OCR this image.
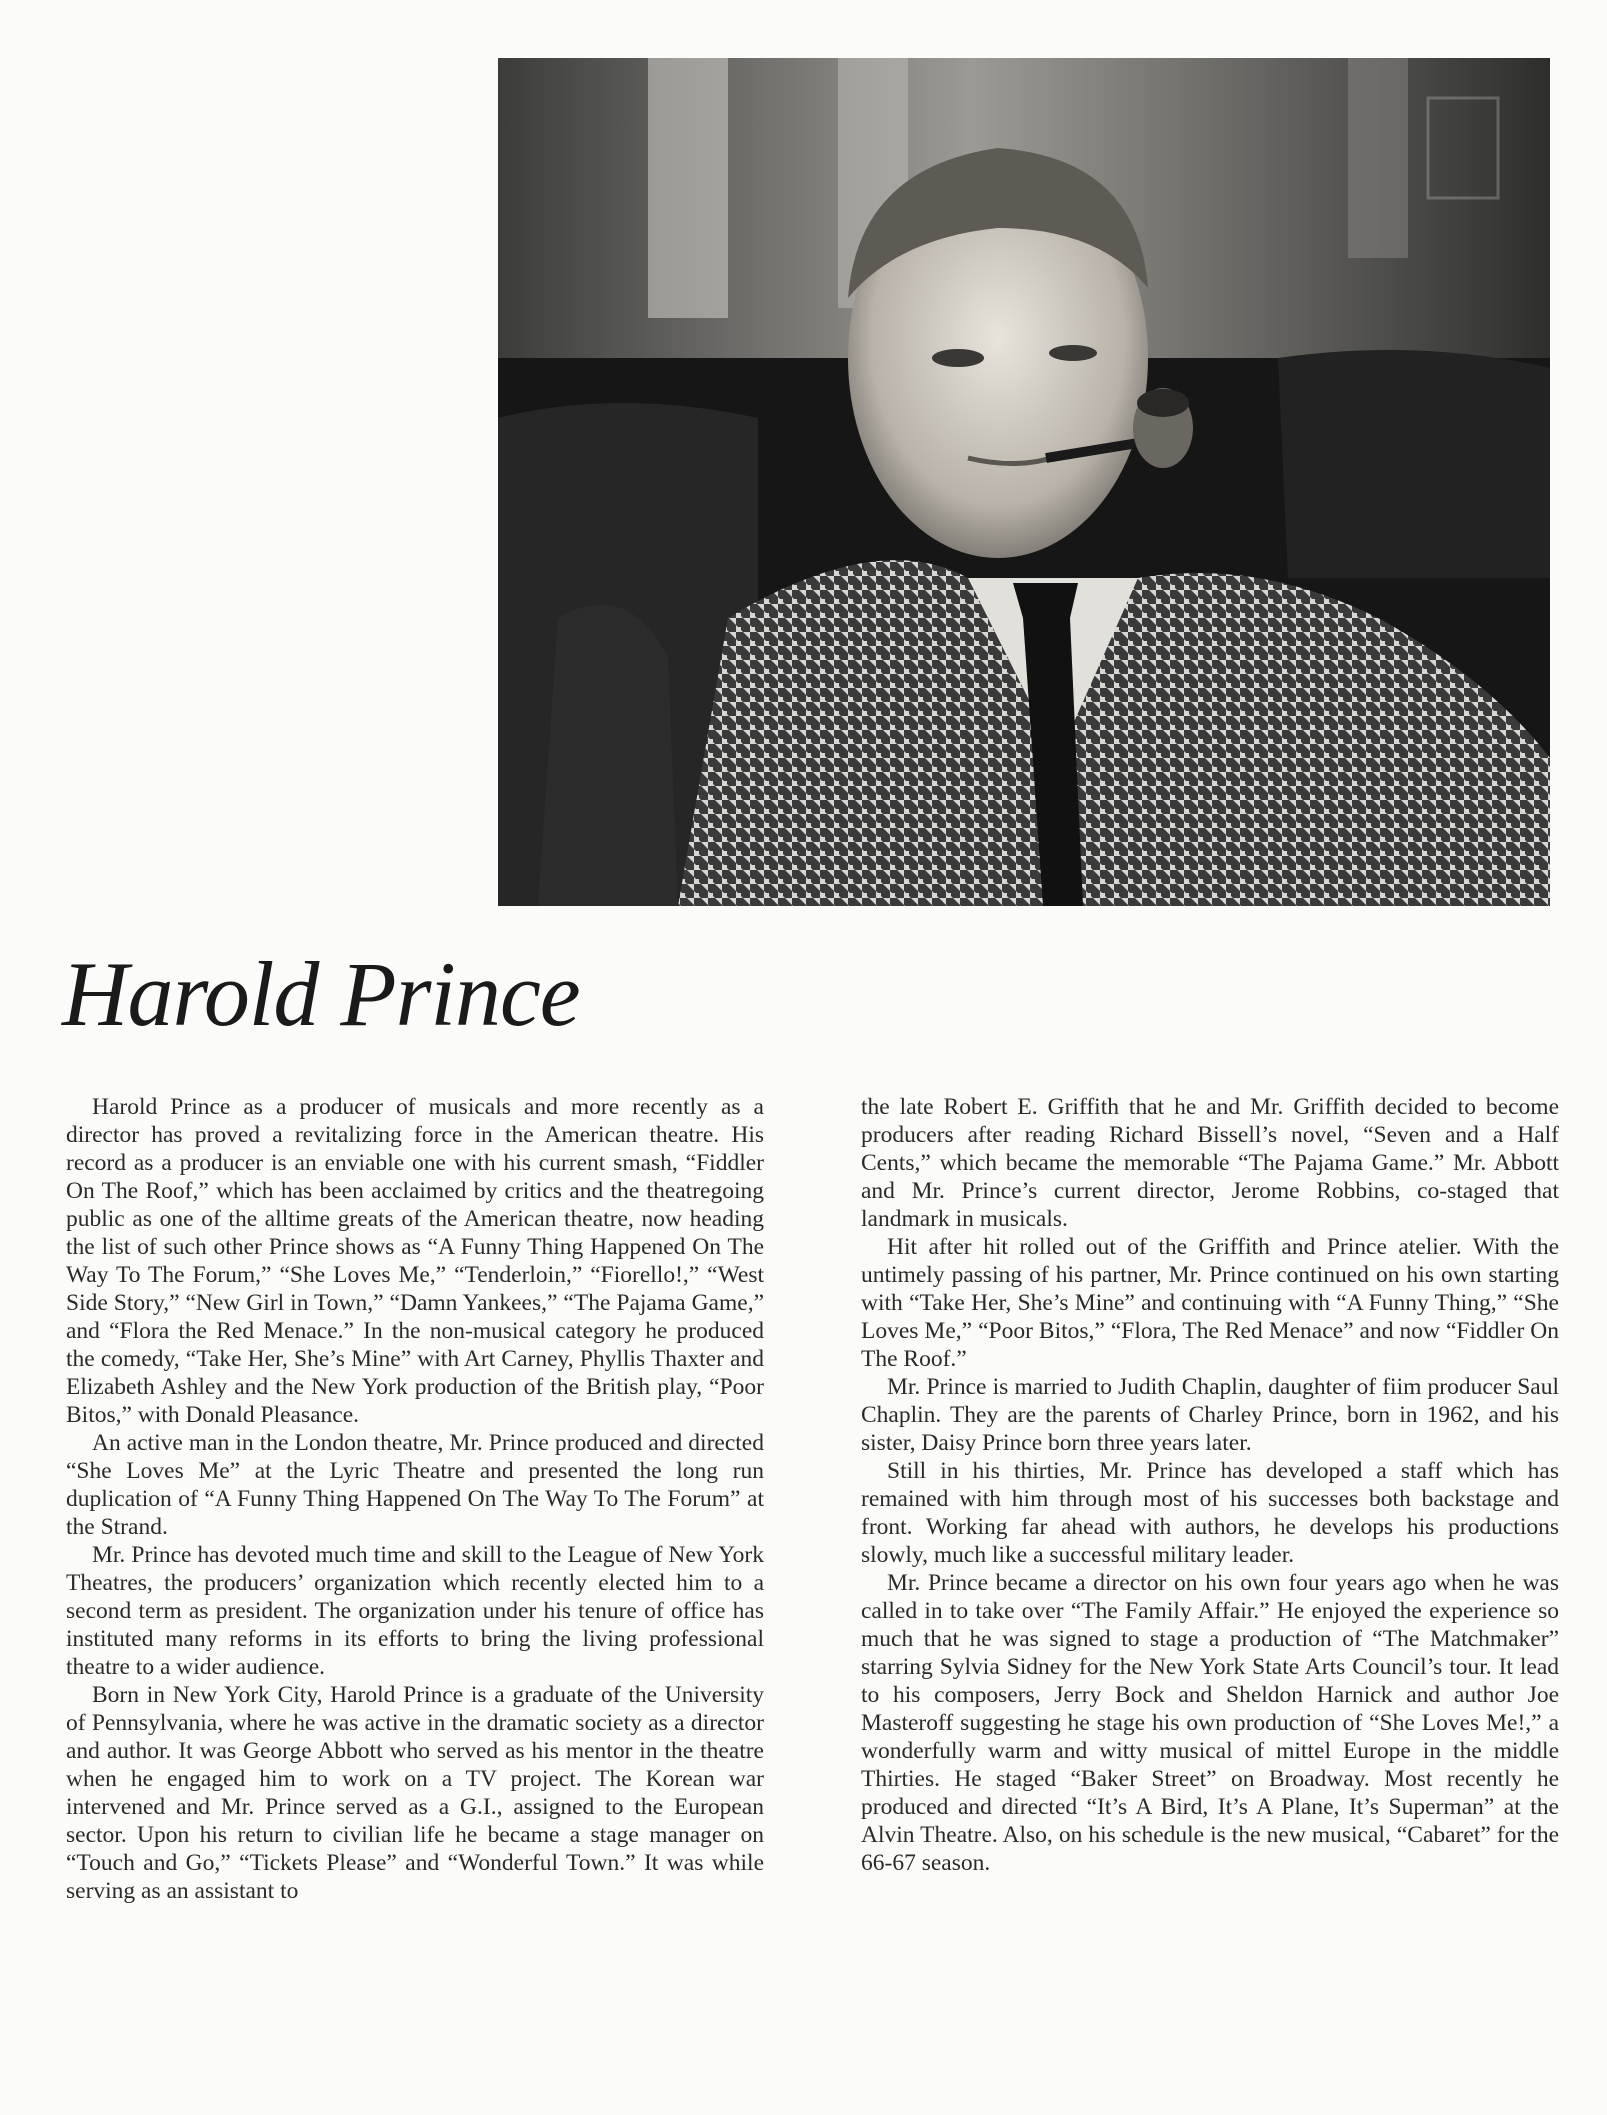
Harold Prince

Harold Prince as a producer of musicals and more recently as a director has proved a revitalizing force in the American theatre. His record as a producer is an enviable one with his current smash, “Fiddler On The Roof,” which has been acclaimed by critics and the theatregoing public as one of the alltime greats of the American theatre, now heading the list of such other Prince shows as “A Funny Thing Happened On The Way To The Forum,” “She Loves Me,” “Tenderloin,” “Fiorello!,” “West Side Story,” “New Girl in Town,” “Damn Yankees,” “The Pajama Game,” and “Flora the Red Menace.” In the non-musical category he produced the comedy, “Take Her, She’s Mine” with Art Carney, Phyllis Thaxter and Elizabeth Ashley and the New York production of the British play, “Poor Bitos,” with Donald Pleasance.

An active man in the London theatre, Mr. Prince produced and directed “She Loves Me” at the Lyric Theatre and presented the long run duplication of “A Funny Thing Happened On The Way To The Forum” at the Strand.

Mr. Prince has devoted much time and skill to the League of New York Theatres, the producers’ organization which recently elected him to a second term as president. The organization under his tenure of office has instituted many reforms in its efforts to bring the living professional theatre to a wider audience.

Born in New York City, Harold Prince is a graduate of the University of Pennsylvania, where he was active in the dramatic society as a director and author. It was George Abbott who served as his mentor in the theatre when he engaged him to work on a TV project. The Korean war intervened and Mr. Prince served as a G.I., assigned to the European sector. Upon his return to civilian life he became a stage manager on “Touch and Go,” “Tickets Please” and “Wonderful Town.” It was while serving as an assistant to

the late Robert E. Griffith that he and Mr. Griffith decided to become producers after reading Richard Bissell’s novel, “Seven and a Half Cents,” which became the memorable “The Pajama Game.” Mr. Abbott and Mr. Prince’s current director, Jerome Robbins, co-staged that landmark in musicals.

Hit after hit rolled out of the Griffith and Prince atelier. With the untimely passing of his partner, Mr. Prince continued on his own starting with “Take Her, She’s Mine” and continuing with “A Funny Thing,” “She Loves Me,” “Poor Bitos,” “Flora, The Red Menace” and now “Fiddler On The Roof.”

Mr. Prince is married to Judith Chaplin, daughter of fiim producer Saul Chaplin. They are the parents of Charley Prince, born in 1962, and his sister, Daisy Prince born three years later.

Still in his thirties, Mr. Prince has developed a staff which has remained with him through most of his successes both backstage and front. Working far ahead with authors, he develops his productions slowly, much like a successful military leader.

Mr. Prince became a director on his own four years ago when he was called in to take over “The Family Affair.” He enjoyed the experience so much that he was signed to stage a production of “The Matchmaker” starring Sylvia Sidney for the New York State Arts Council’s tour. It lead to his composers, Jerry Bock and Sheldon Harnick and author Joe Masteroff suggesting he stage his own production of “She Loves Me!,” a wonderfully warm and witty musical of mittel Europe in the middle Thirties. He staged “Baker Street” on Broadway. Most recently he produced and directed “It’s A Bird, It’s A Plane, It’s Superman” at the Alvin Theatre. Also, on his schedule is the new musical, “Cabaret” for the 66-67 season.
